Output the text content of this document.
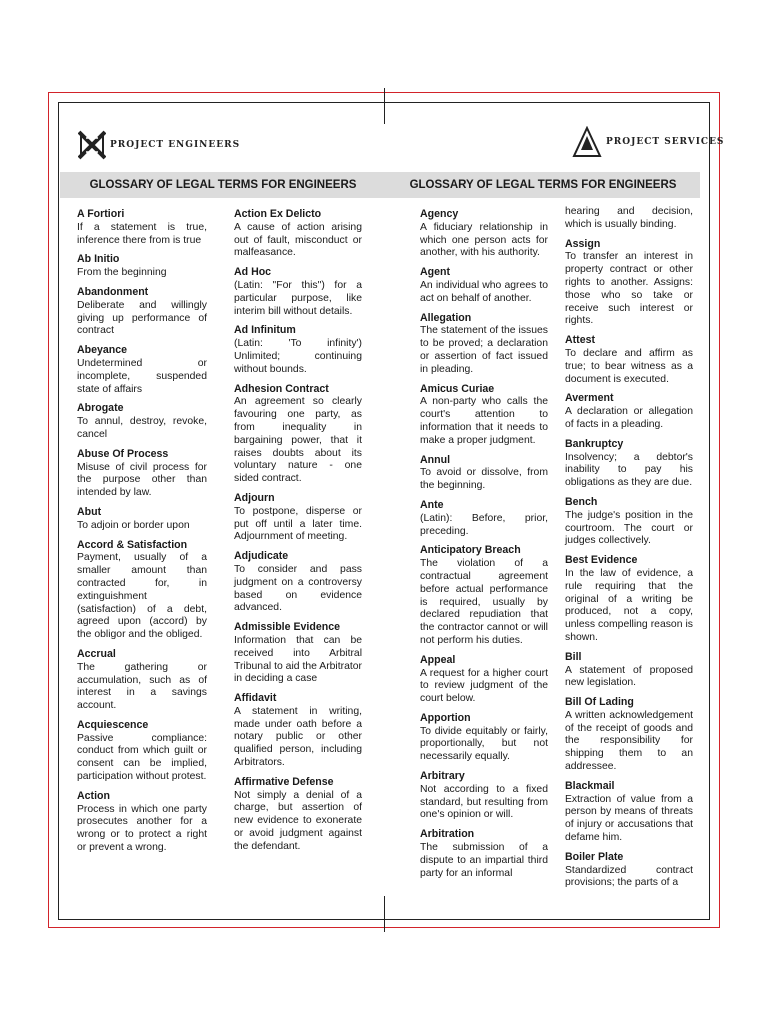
PROJECT ENGINEERS	PROJECT SERVICES
GLOSSARY OF LEGAL TERMS FOR ENGINEERS	GLOSSARY OF LEGAL TERMS FOR ENGINEERS
A Fortiori
If a statement is true, inference there from is true
Ab Initio
From the beginning
Abandonment
Deliberate and willingly giving up performance of contract
Abeyance
Undetermined or incomplete, suspended state of affairs
Abrogate
To annul, destroy, revoke, cancel
Abuse Of Process
Misuse of civil process for the purpose other than intended by law.
Abut
To adjoin or border upon
Accord & Satisfaction
Payment, usually of a smaller amount than contracted for, in extinguishment (satisfaction) of a debt, agreed upon (accord) by the obligor and the obliged.
Accrual
The gathering or accumulation, such as of interest in a savings account.
Acquiescence
Passive compliance: conduct from which guilt or consent can be implied, participation without protest.
Action
Process in which one party prosecutes another for a wrong or to protect a right or prevent a wrong.
Action Ex Delicto
A cause of action arising out of fault, misconduct or malfeasance.
Ad Hoc
(Latin: "For this") for a particular purpose, like interim bill without details.
Ad Infinitum
(Latin: 'To infinity') Unlimited; continuing without bounds.
Adhesion Contract
An agreement so clearly favouring one party, as from inequality in bargaining power, that it raises doubts about its voluntary nature - one sided contract.
Adjourn
To postpone, disperse or put off until a later time. Adjournment of meeting.
Adjudicate
To consider and pass judgment on a controversy based on evidence advanced.
Admissible Evidence
Information that can be received into Arbitral Tribunal to aid the Arbitrator in deciding a case
Affidavit
A statement in writing, made under oath before a notary public or other qualified person, including Arbitrators.
Affirmative Defense
Not simply a denial of a charge, but assertion of new evidence to exonerate or avoid judgment against the defendant.
Agency
A fiduciary relationship in which one person acts for another, with his authority.
Agent
An individual who agrees to act on behalf of another.
Allegation
The statement of the issues to be proved; a declaration or assertion of fact issued in pleading.
Amicus Curiae
A non-party who calls the court's attention to information that it needs to make a proper judgment.
Annul
To avoid or dissolve, from the beginning.
Ante
(Latin): Before, prior, preceding.
Anticipatory Breach
The violation of a contractual agreement before actual performance is required, usually by declared repudiation that the contractor cannot or will not perform his duties.
Appeal
A request for a higher court to review judgment of the court below.
Apportion
To divide equitably or fairly, proportionally, but not necessarily equally.
Arbitrary
Not according to a fixed standard, but resulting from one's opinion or will.
Arbitration
The submission of a dispute to an impartial third party for an informal
hearing and decision, which is usually binding.
Assign
To transfer an interest in property contract or other rights to another. Assigns: those who so take or receive such interest or rights.
Attest
To declare and affirm as true; to bear witness as a document is executed.
Averment
A declaration or allegation of facts in a pleading.
Bankruptcy
Insolvency; a debtor's inability to pay his obligations as they are due.
Bench
The judge's position in the courtroom. The court or judges collectively.
Best Evidence
In the law of evidence, a rule requiring that the original of a writing be produced, not a copy, unless compelling reason is shown.
Bill
A statement of proposed new legislation.
Bill Of Lading
A written acknowledgement of the receipt of goods and the responsibility for shipping them to an addressee.
Blackmail
Extraction of value from a person by means of threats of injury or accusations that defame him.
Boiler Plate
Standardized contract provisions; the parts of a
